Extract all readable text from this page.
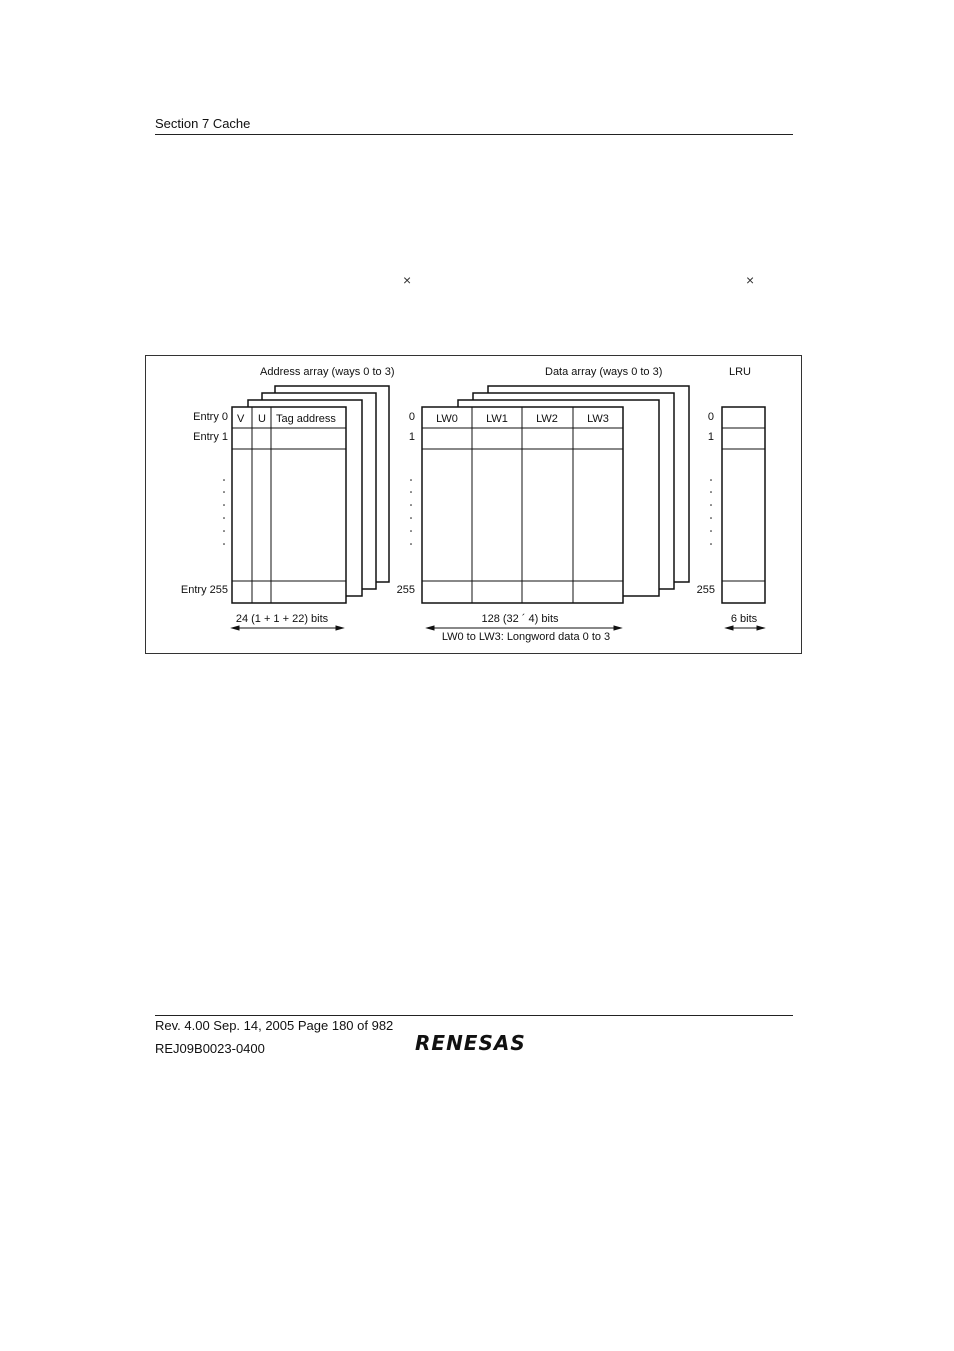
Section 7 Cache
×	×
V U Tag address
Address array (ways 0 to 3)
Entry 0
Entry 1
Entry 255
24 (1 + 1 + 22) bits
LW0	LW1	LW2	LW3
Data array (ways 0 to 3)
0
1
255
128 (32 ´ 4) bits
LW0 to LW3: Longword data 0 to 3
LRU
0
1
255
6 bits
Rev. 4.00 Sep. 14, 2005 Page 180 of 982
REJ09B0023-0400	RENESAS
